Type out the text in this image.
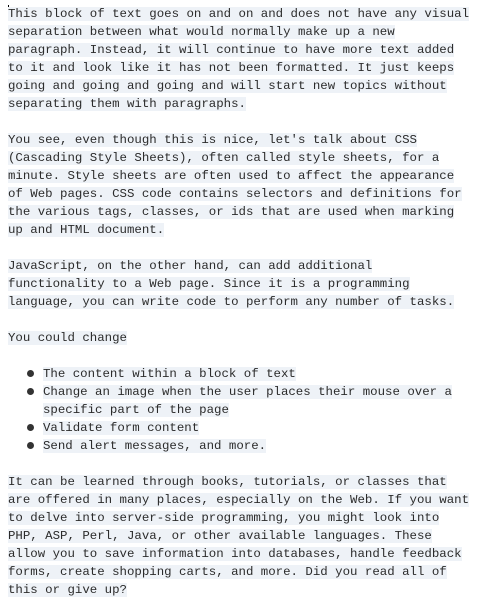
This block of text goes on and on and does not have any visual separation between what would normally make up a new paragraph. Instead, it will continue to have more text added to it and look like it has not been formatted. It just keeps going and going and going and will start new topics without separating them with paragraphs.

You see, even though this is nice, let's talk about CSS (Cascading Style Sheets), often called style sheets, for a minute. Style sheets are often used to affect the appearance of Web pages. CSS code contains selectors and definitions for the various tags, classes, or ids that are used when marking up and HTML document.

JavaScript, on the other hand, can add additional functionality to a Web page. Since it is a programming language, you can write code to perform any number of tasks.

You could change

The content within a block of text
Change an image when the user places their mouse over a specific part of the page
Validate form content
Send alert messages, and more.

It can be learned through books, tutorials, or classes that are offered in many places, especially on the Web. If you want to delve into server-side programming, you might look into PHP, ASP, Perl, Java, or other available languages. These allow you to save information into databases, handle feedback forms, create shopping carts, and more. Did you read all of this or give up?
